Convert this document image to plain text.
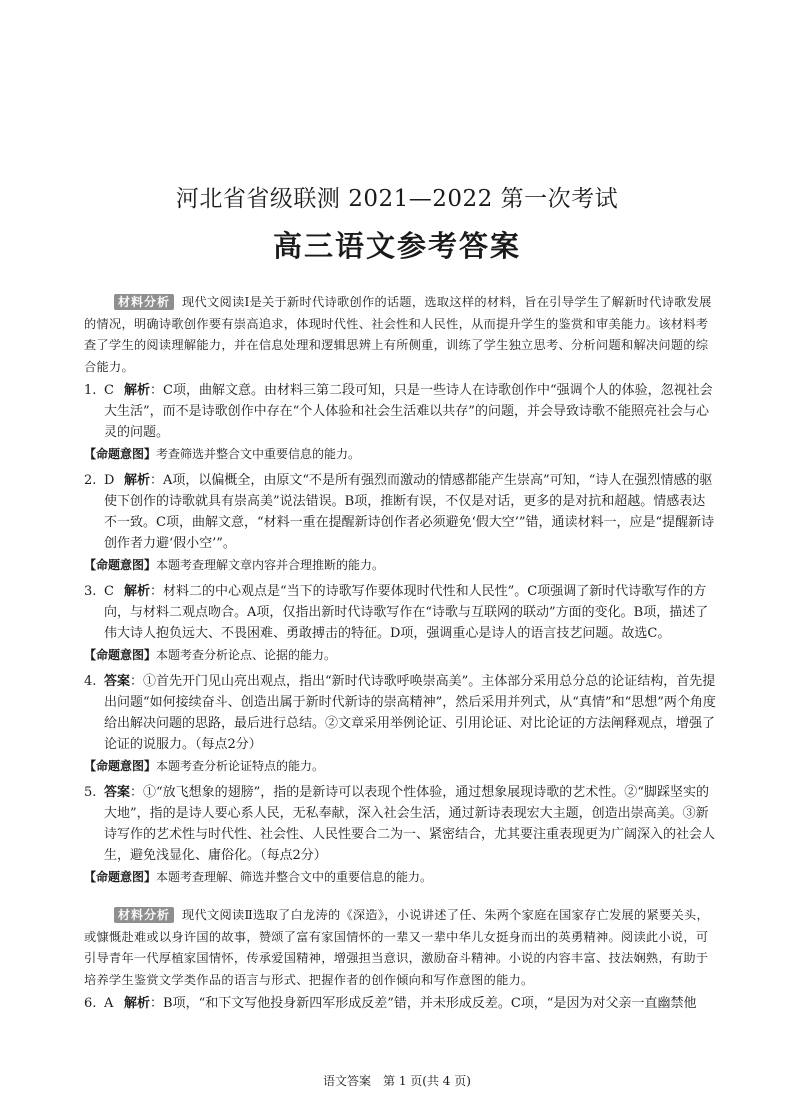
河北省省级联测 2021—2022 第一次考试
高三语文参考答案

材料分析 现代文阅读Ⅰ是关于新时代诗歌创作的话题，选取这样的材料，旨在引导学生了解新时代诗歌发展的情况，明确诗歌创作要有崇高追求，体现时代性、社会性和人民性，从而提升学生的鉴赏和审美能力。该材料考查了学生的阅读理解能力，并在信息处理和逻辑思辨上有所侧重，训练了学生独立思考、分析问题和解决问题的综合能力。

1. C 解析：C项，曲解文意。由材料三第二段可知，只是一些诗人在诗歌创作中“强调个人的体验，忽视社会大生活”，而不是诗歌创作中存在“个人体验和社会生活难以共存”的问题，并会导致诗歌不能照亮社会与心灵的问题。

【命题意图】考查筛选并整合文中重要信息的能力。

2. D 解析：A项，以偏概全，由原文“不是所有强烈而激动的情感都能产生崇高”可知，“诗人在强烈情感的驱使下创作的诗歌就具有崇高美”说法错误。B项，推断有误，不仅是对话，更多的是对抗和超越。情感表达不一致。C项，曲解文意，“材料一重在提醒新诗创作者必须避免‘假大空’”错，通读材料一，应是“提醒新诗创作者力避‘假小空’”。

【命题意图】本题考查理解文章内容并合理推断的能力。

3. C 解析：材料二的中心观点是“当下的诗歌写作要体现时代性和人民性”。C项强调了新时代诗歌写作的方向，与材料二观点吻合。A项，仅指出新时代诗歌写作在“诗歌与互联网的联动”方面的变化。B项，描述了伟大诗人抱负远大、不畏困难、勇敢搏击的特征。D项，强调重心是诗人的语言技艺问题。故选C。

【命题意图】本题考查分析论点、论据的能力。

4. 答案：①首先开门见山亮出观点，指出“新时代诗歌呼唤崇高美”。主体部分采用总分总的论证结构，首先提出问题“如何接续奋斗、创造出属于新时代新诗的崇高精神”，然后采用并列式，从“真情”和“思想”两个角度给出解决问题的思路，最后进行总结。②文章采用举例论证、引用论证、对比论证的方法阐释观点，增强了论证的说服力。（每点2分）

【命题意图】本题考查分析论证特点的能力。

5. 答案：①“放飞想象的翅膀”，指的是新诗可以表现个性体验，通过想象展现诗歌的艺术性。②“脚踩坚实的大地”，指的是诗人要心系人民，无私奉献，深入社会生活，通过新诗表现宏大主题，创造出崇高美。③新诗写作的艺术性与时代性、社会性、人民性要合二为一、紧密结合，尤其要注重表现更为广阔深入的社会人生，避免浅显化、庸俗化。（每点2分）

【命题意图】本题考查理解、筛选并整合文中的重要信息的能力。

材料分析 现代文阅读Ⅱ选取了白龙涛的《深造》，小说讲述了任、朱两个家庭在国家存亡发展的紧要关头，或慷慨赴难或以身许国的故事，赞颂了富有家国情怀的一辈又一辈中华儿女挺身而出的英勇精神。阅读此小说，可引导青年一代厚植家国情怀，传承爱国精神，增强担当意识，激励奋斗精神。小说的内容丰富、技法娴熟，有助于培养学生鉴赏文学类作品的语言与形式、把握作者的创作倾向和写作意图的能力。

6. A 解析：B项，“和下文写他投身新四军形成反差”错，并未形成反差。C项，“是因为对父亲一直幽禁他

语文答案　第 1 页(共 4 页)
